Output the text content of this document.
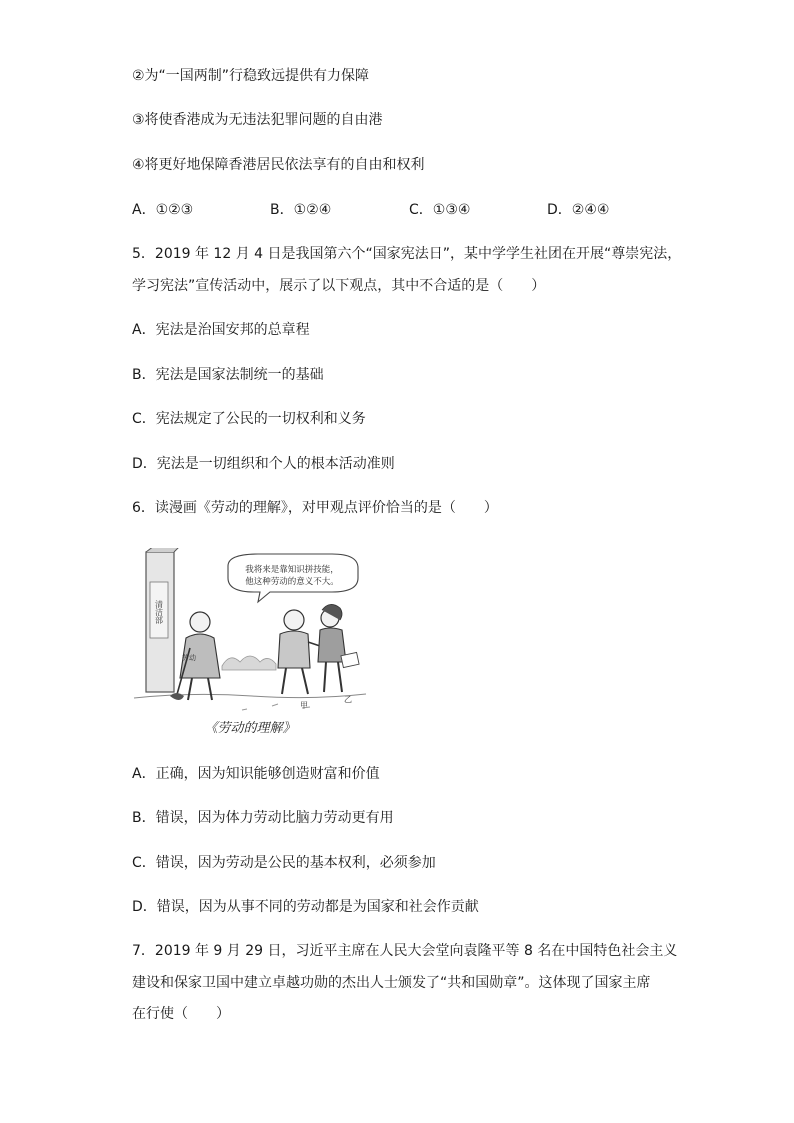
②为“一国两制”行稳致远提供有力保障
③将使香港成为无违法犯罪问题的自由港
④将更好地保障香港居民依法享有的自由和权利
A．①②③	B．①②④	C．①③④	D．②④④
5．2019 年 12 月 4 日是我国第六个“国家宪法日”，某中学学生社团在开展“尊崇宪法，
学习宪法”宣传活动中，展示了以下观点，其中不合适的是（　　）
A．宪法是治国安邦的总章程
B．宪法是国家法制统一的基础
C．宪法规定了公民的一切权利和义务
D．宪法是一切组织和个人的根本活动准则
6．读漫画《劳动的理解》，对甲观点评价恰当的是（　　）
清洁部
我将来是靠知识拼技能，
他这种劳动的意义不大。
劳动
甲
乙
《劳动的理解》
A．正确，因为知识能够创造财富和价值
B．错误，因为体力劳动比脑力劳动更有用
C．错误，因为劳动是公民的基本权利，必须参加
D．错误，因为从事不同的劳动都是为国家和社会作贡献
7．2019 年 9 月 29 日，习近平主席在人民大会堂向袁隆平等 8 名在中国特色社会主义
建设和保家卫国中建立卓越功勋的杰出人士颁发了“共和国勋章”。这体现了国家主席
在行使（　　）
